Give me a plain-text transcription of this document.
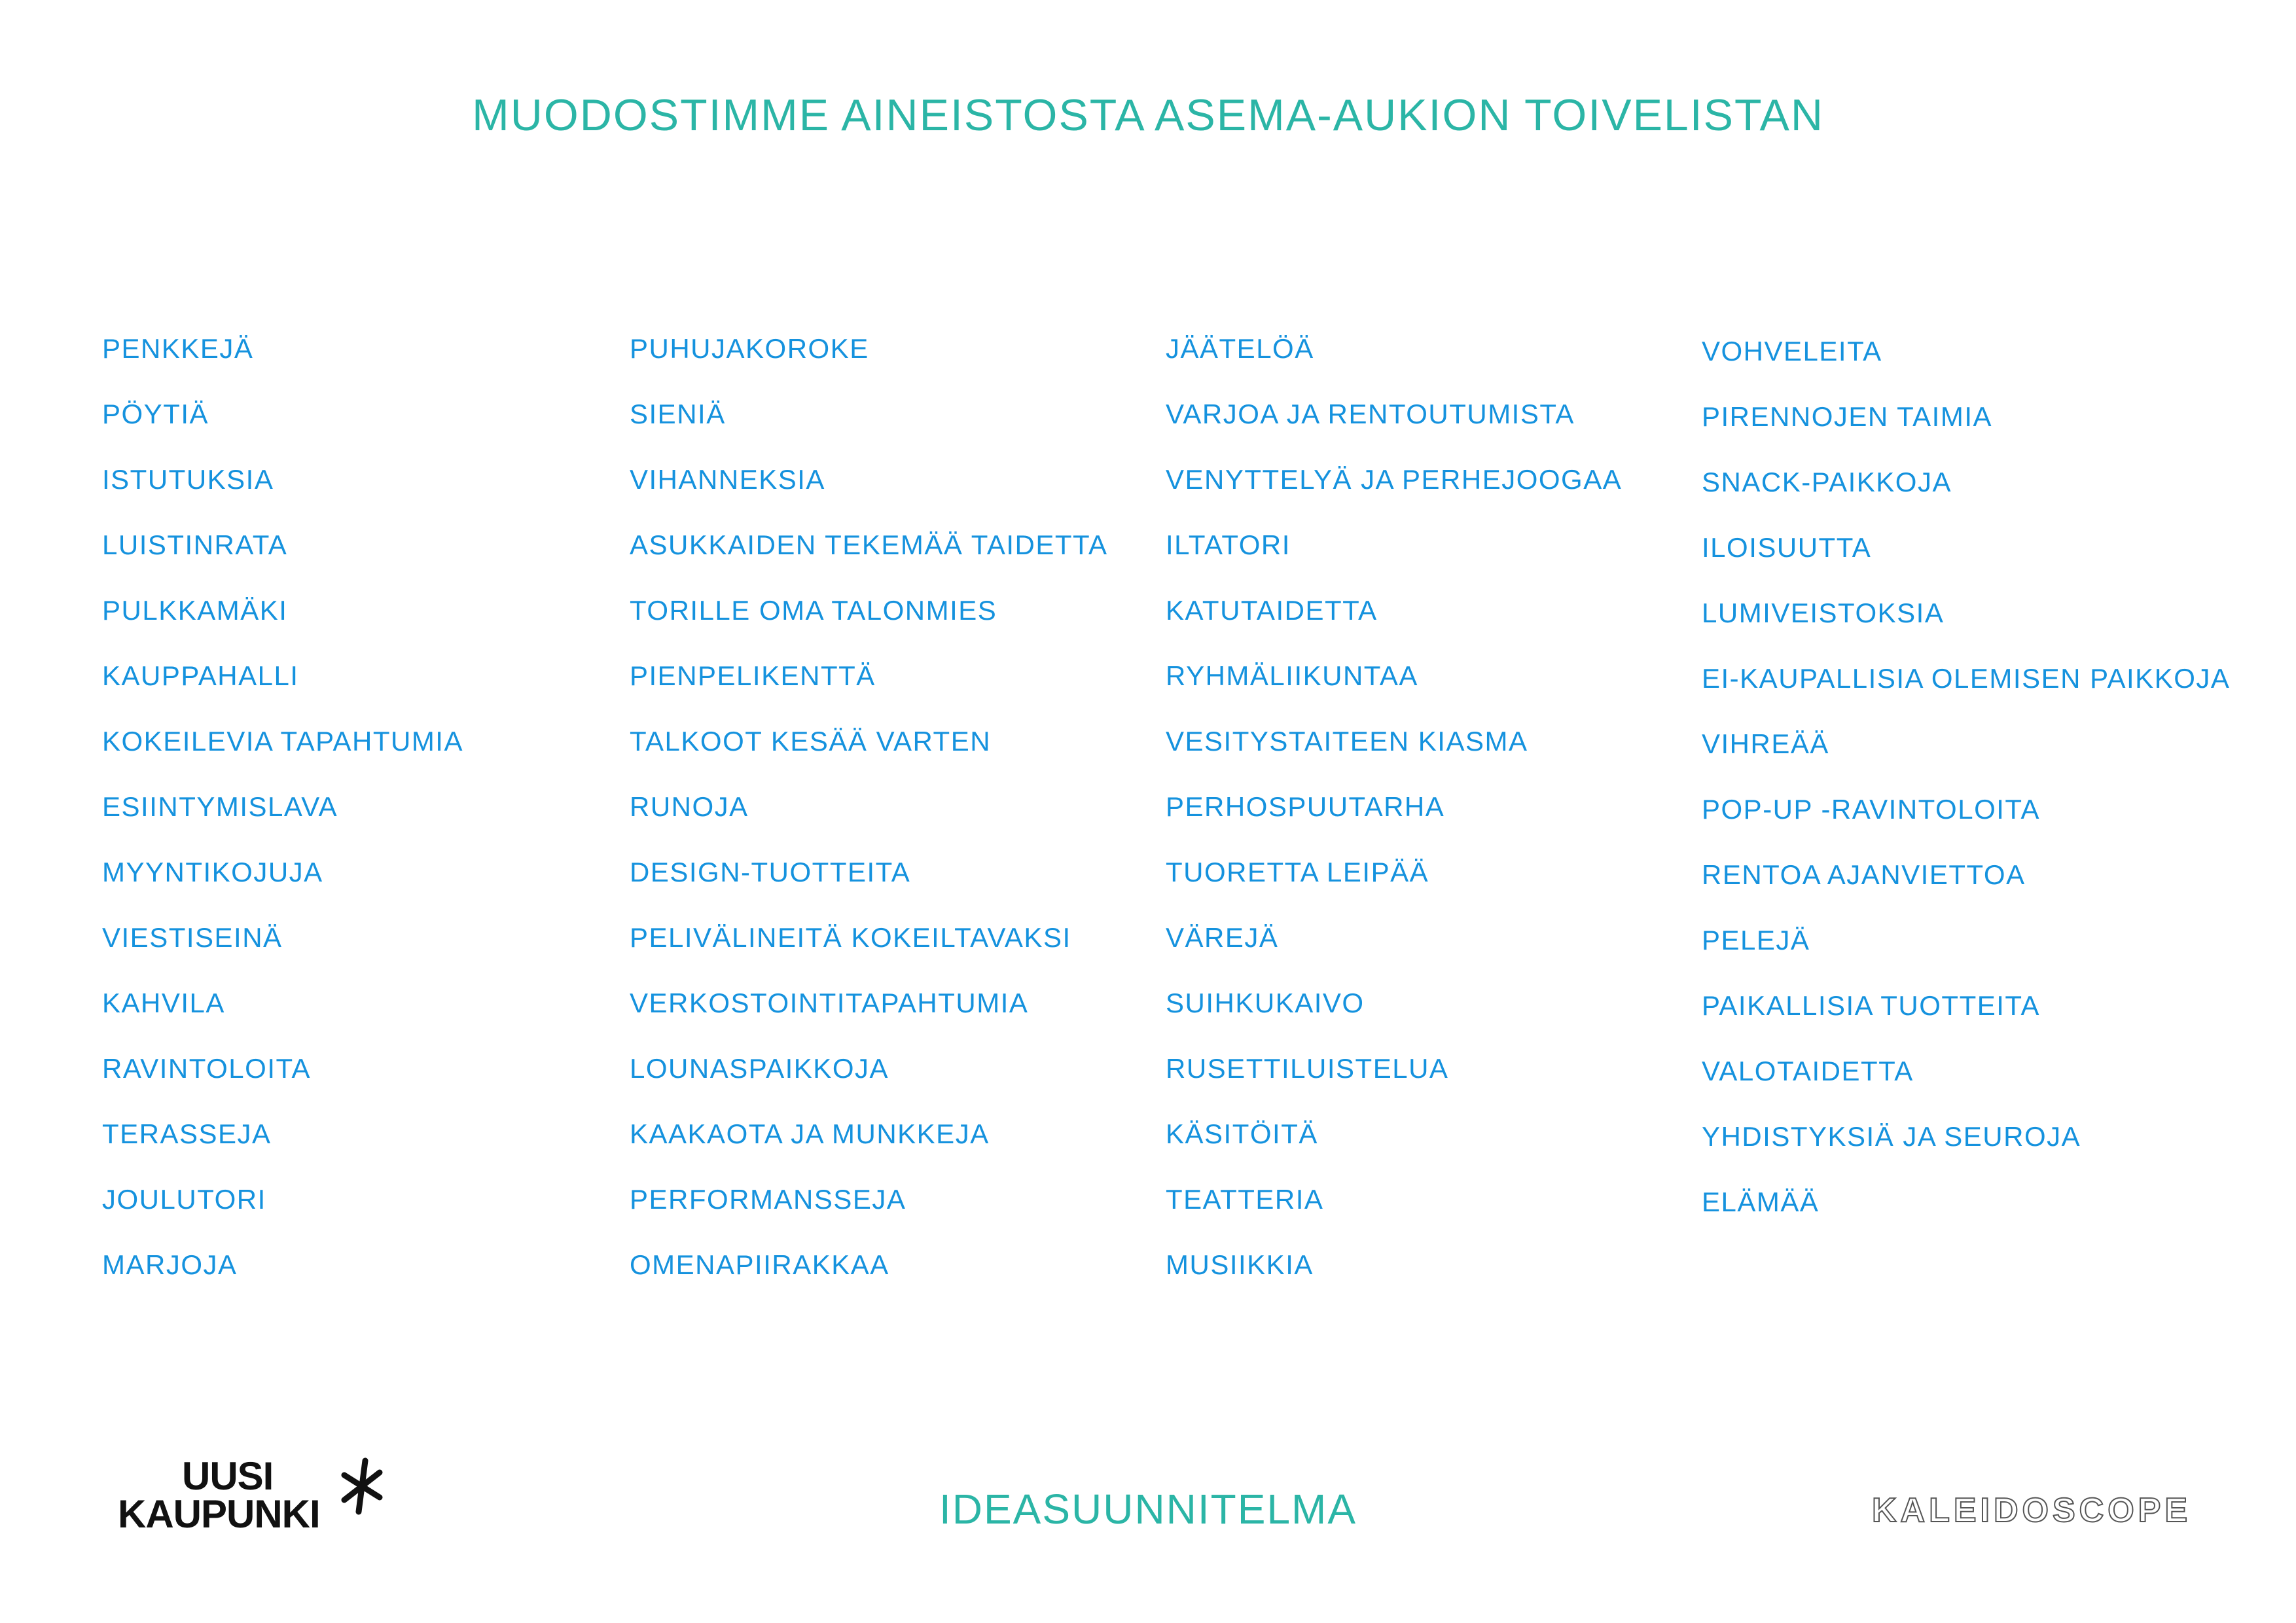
MUODOSTIMME AINEISTOSTA ASEMA-AUKION TOIVELISTAN
PENKKEJÄ
PÖYTIÄ
ISTUTUKSIA
LUISTINRATA
PULKKAMÄKI
KAUPPAHALLI
KOKEILEVIA TAPAHTUMIA
ESIINTYMISLAVA
MYYNTIKOJUJA
VIESTISEINÄ
KAHVILA
RAVINTOLOITA
TERASSEJA
JOULUTORI
MARJOJA
PUHUJAKOROKE
SIENIÄ
VIHANNEKSIA
ASUKKAIDEN TEKEMÄÄ TAIDETTA
TORILLE OMA TALONMIES
PIENPELIKENTTÄ
TALKOOT KESÄÄ VARTEN
RUNOJA
DESIGN-TUOTTEITA
PELIVÄLINEITÄ KOKEILTAVAKSI
VERKOSTOINTITAPAHTUMIA
LOUNASPAIKKOJA
KAAKAOTA JA MUNKKEJA
PERFORMANSSEJA
OMENAPIIRAKKAA
JÄÄTELÖÄ
VARJOA JA RENTOUTUMISTA
VENYTTELYÄ JA PERHEJOOGAA
ILTATORI
KATUTAIDETTA
RYHMÄLIIKUNTAA
VESITYSTAITEEN KIASMA
PERHOSPUUTARHA
TUORETTA LEIPÄÄ
VÄREJÄ
SUIHKUKAIVO
RUSETTILUISTELUA
KÄSITÖITÄ
TEATTERIA
MUSIIKKIA
VOHVELEITA
PIRENNOJEN TAIMIA
SNACK-PAIKKOJA
ILOISUUTTA
LUMIVEISTOKSIA
EI-KAUPALLISIA OLEMISEN PAIKKOJA
VIHREÄÄ
POP-UP -RAVINTOLOITA
RENTOA AJANVIETTOA
PELEJÄ
PAIKALLISIA TUOTTEITA
VALOTAIDETTA
YHDISTYKSIÄ JA SEUROJA
ELÄMÄÄ
UUSI
KAUPUNKI	IDEASUUNNITELMA	KALEIDOSCOPE
